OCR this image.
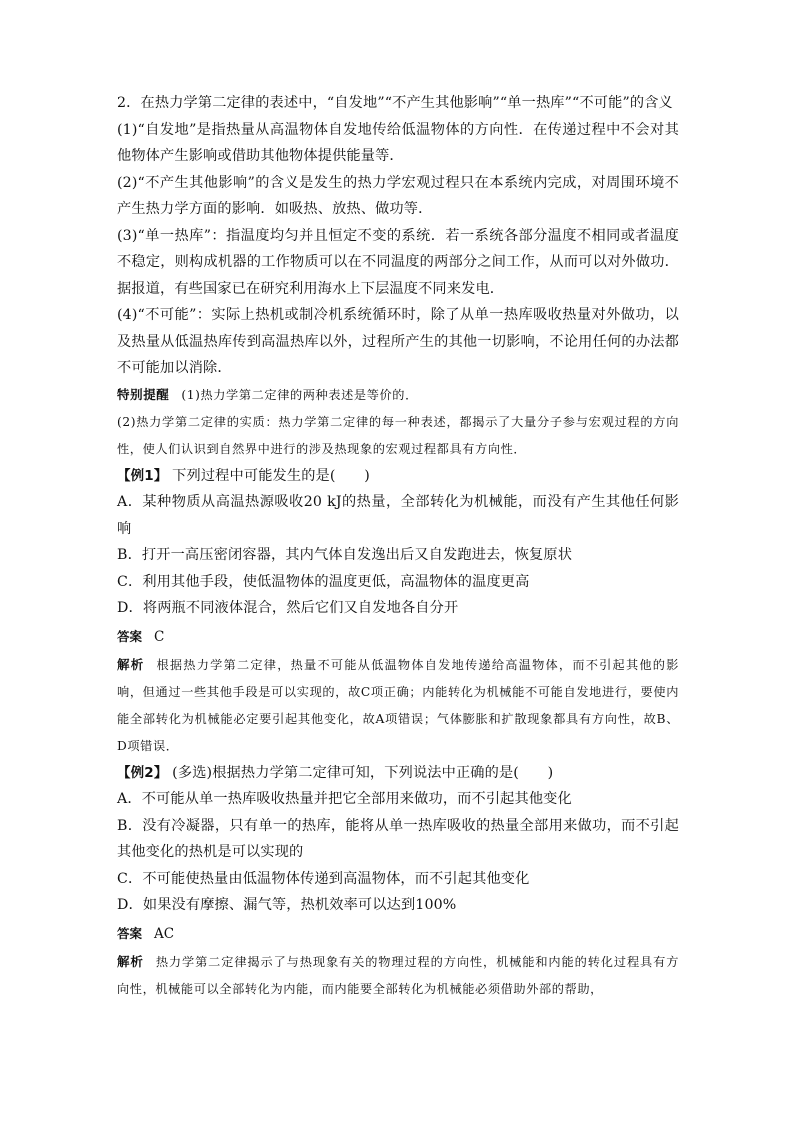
2．在热力学第二定律的表述中，“自发地”“不产生其他影响”“单一热库”“不可能”的含义

(1)“自发地”是指热量从高温物体自发地传给低温物体的方向性．在传递过程中不会对其他物体产生影响或借助其他物体提供能量等．

(2)“不产生其他影响”的含义是发生的热力学宏观过程只在本系统内完成，对周围环境不产生热力学方面的影响．如吸热、放热、做功等．

(3)“单一热库”：指温度均匀并且恒定不变的系统．若一系统各部分温度不相同或者温度不稳定，则构成机器的工作物质可以在不同温度的两部分之间工作，从而可以对外做功．据报道，有些国家已在研究利用海水上下层温度不同来发电．

(4)“不可能”：实际上热机或制冷机系统循环时，除了从单一热库吸收热量对外做功，以及热量从低温热库传到高温热库以外，过程所产生的其他一切影响，不论用任何的办法都不可能加以消除．

特别提醒 (1)热力学第二定律的两种表述是等价的．

(2)热力学第二定律的实质：热力学第二定律的每一种表述，都揭示了大量分子参与宏观过程的方向性，使人们认识到自然界中进行的涉及热现象的宏观过程都具有方向性．

【例1】 下列过程中可能发生的是(　　)

A．某种物质从高温热源吸收20 kJ的热量，全部转化为机械能，而没有产生其他任何影响

B．打开一高压密闭容器，其内气体自发逸出后又自发跑进去，恢复原状

C．利用其他手段，使低温物体的温度更低，高温物体的温度更高

D．将两瓶不同液体混合，然后它们又自发地各自分开

答案 C

解析 根据热力学第二定律，热量不可能从低温物体自发地传递给高温物体，而不引起其他的影响，但通过一些其他手段是可以实现的，故C项正确；内能转化为机械能不可能自发地进行，要使内能全部转化为机械能必定要引起其他变化，故A项错误；气体膨胀和扩散现象都具有方向性，故B、D项错误．

【例2】 (多选)根据热力学第二定律可知，下列说法中正确的是(　　)

A．不可能从单一热库吸收热量并把它全部用来做功，而不引起其他变化

B．没有冷凝器，只有单一的热库，能将从单一热库吸收的热量全部用来做功，而不引起其他变化的热机是可以实现的

C．不可能使热量由低温物体传递到高温物体，而不引起其他变化

D．如果没有摩擦、漏气等，热机效率可以达到100%

答案 AC

解析 热力学第二定律揭示了与热现象有关的物理过程的方向性，机械能和内能的转化过程具有方向性，机械能可以全部转化为内能，而内能要全部转化为机械能必须借助外部的帮助，
